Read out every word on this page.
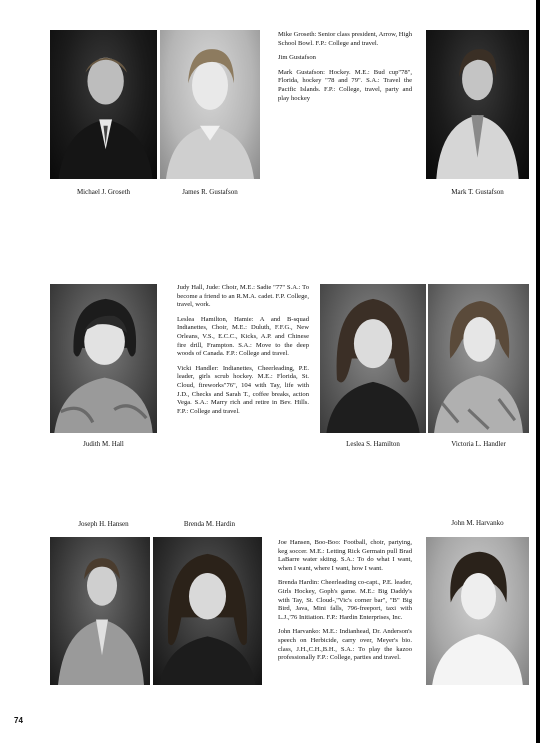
Michael J. Groseth	James R. Gustafson	Mark T. Gustafson

Mike Groseth: Senior class president, Arrow, High School Bowl. F.P.: College and travel.

Jim Gustafson

Mark Gustafson: Hockey. M.E.: Bud cup"78", Florida, hockey "78 and 79". S.A.: Travel the Pacific Islands. F.P.: College, travel, party and play hockey

Judith M. Hall	Leslea S. Hamilton	Victoria L. Handler

Judy Hall, Jude: Choir, M.E.: Sadie "77" S.A.: To become a friend to an R.M.A. cadet. F.P. College, travel, work.

Leslea Hamilton, Hamie: A and B-squad Indianettes, Choir, M.E.: Duluth, F.F.G., New Orleans, V.S., E.C.C., Kicks, A.P. and Chinese fire drill, Frampton. S.A.: Move to the deep woods of Canada. F.P.: College and travel.

Vicki Handler: Indianettes, Cheerleading, P.E. leader, girls scrub hockey. M.E.: Florida, St. Cloud, fireworks"76", 104 with Tay, life with J.D., Checks and Sarah T., coffee breaks, action Vega. S.A.: Marry rich and retire in Bev. Hills. F.P.: College and travel.

Joseph H. Hansen	Brenda M. Hardin	John M. Harvanko

Joe Hansen, Boo-Boo: Football, choir, partying, keg soccer. M.E.: Letting Rick Germain pull Brad LaBarre water skiing. S.A.: To do what I want, when I want, where I want, how I want.

Brenda Hardin: Cheerleading co-capt., P.E. leader, Girls Hockey, Goph's game. M.E.: Big Daddy's with Tay, St. Cloud-,"Vic's corner bar", "B" Big Bird, Java, Mini falls, 796-freeport, taxi with L.J.,'76 Initiation. F.P.: Hardin Enterprises, Inc.

John Harvanko: M.E.: Indianhead, Dr. Anderson's speech on Herbicide, carry over, Meyer's bio. class, J.H.,C.H.,B.H., S.A.: To play the kazoo professionally F.P.: College, parties and travel.

74
